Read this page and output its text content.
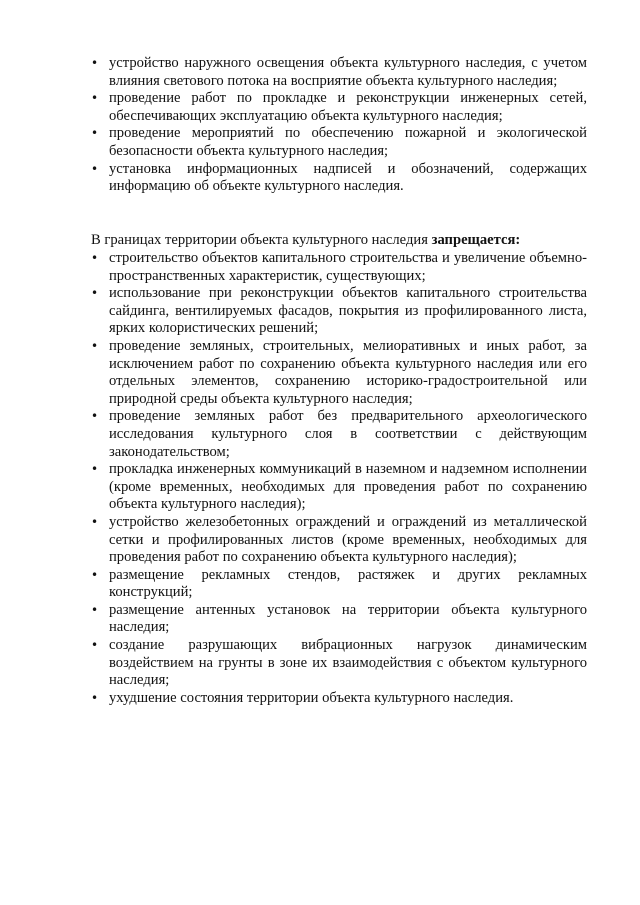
• устройство наружного освещения объекта культурного наследия, с учетом влияния светового потока на восприятие объекта культурного наследия;
• проведение работ по прокладке и реконструкции инженерных сетей, обеспечивающих эксплуатацию объекта культурного наследия;
• проведение мероприятий по обеспечению пожарной и экологической безопасности объекта культурного наследия;
• установка информационных надписей и обозначений, содержащих информацию об объекте культурного наследия.

В границах территории объекта культурного наследия запрещается:

• строительство объектов капитального строительства и увеличение объемно-пространственных характеристик, существующих;
• использование при реконструкции объектов капитального строительства сайдинга, вентилируемых фасадов, покрытия из профилированного листа, ярких колористических решений;
• проведение земляных, строительных, мелиоративных и иных работ, за исключением работ по сохранению объекта культурного наследия или его отдельных элементов, сохранению историко-градостроительной или природной среды объекта культурного наследия;
• проведение земляных работ без предварительного археологического исследования культурного слоя в соответствии с действующим законодательством;
• прокладка инженерных коммуникаций в наземном и надземном исполнении (кроме временных, необходимых для проведения работ по сохранению объекта культурного наследия);
• устройство железобетонных ограждений и ограждений из металлической сетки и профилированных листов (кроме временных, необходимых для проведения работ по сохранению объекта культурного наследия);
• размещение рекламных стендов, растяжек и других рекламных конструкций;
• размещение антенных установок на территории объекта культурного наследия;
• создание разрушающих вибрационных нагрузок динамическим воздействием на грунты в зоне их взаимодействия с объектом культурного наследия;
• ухудшение состояния территории объекта культурного наследия.
